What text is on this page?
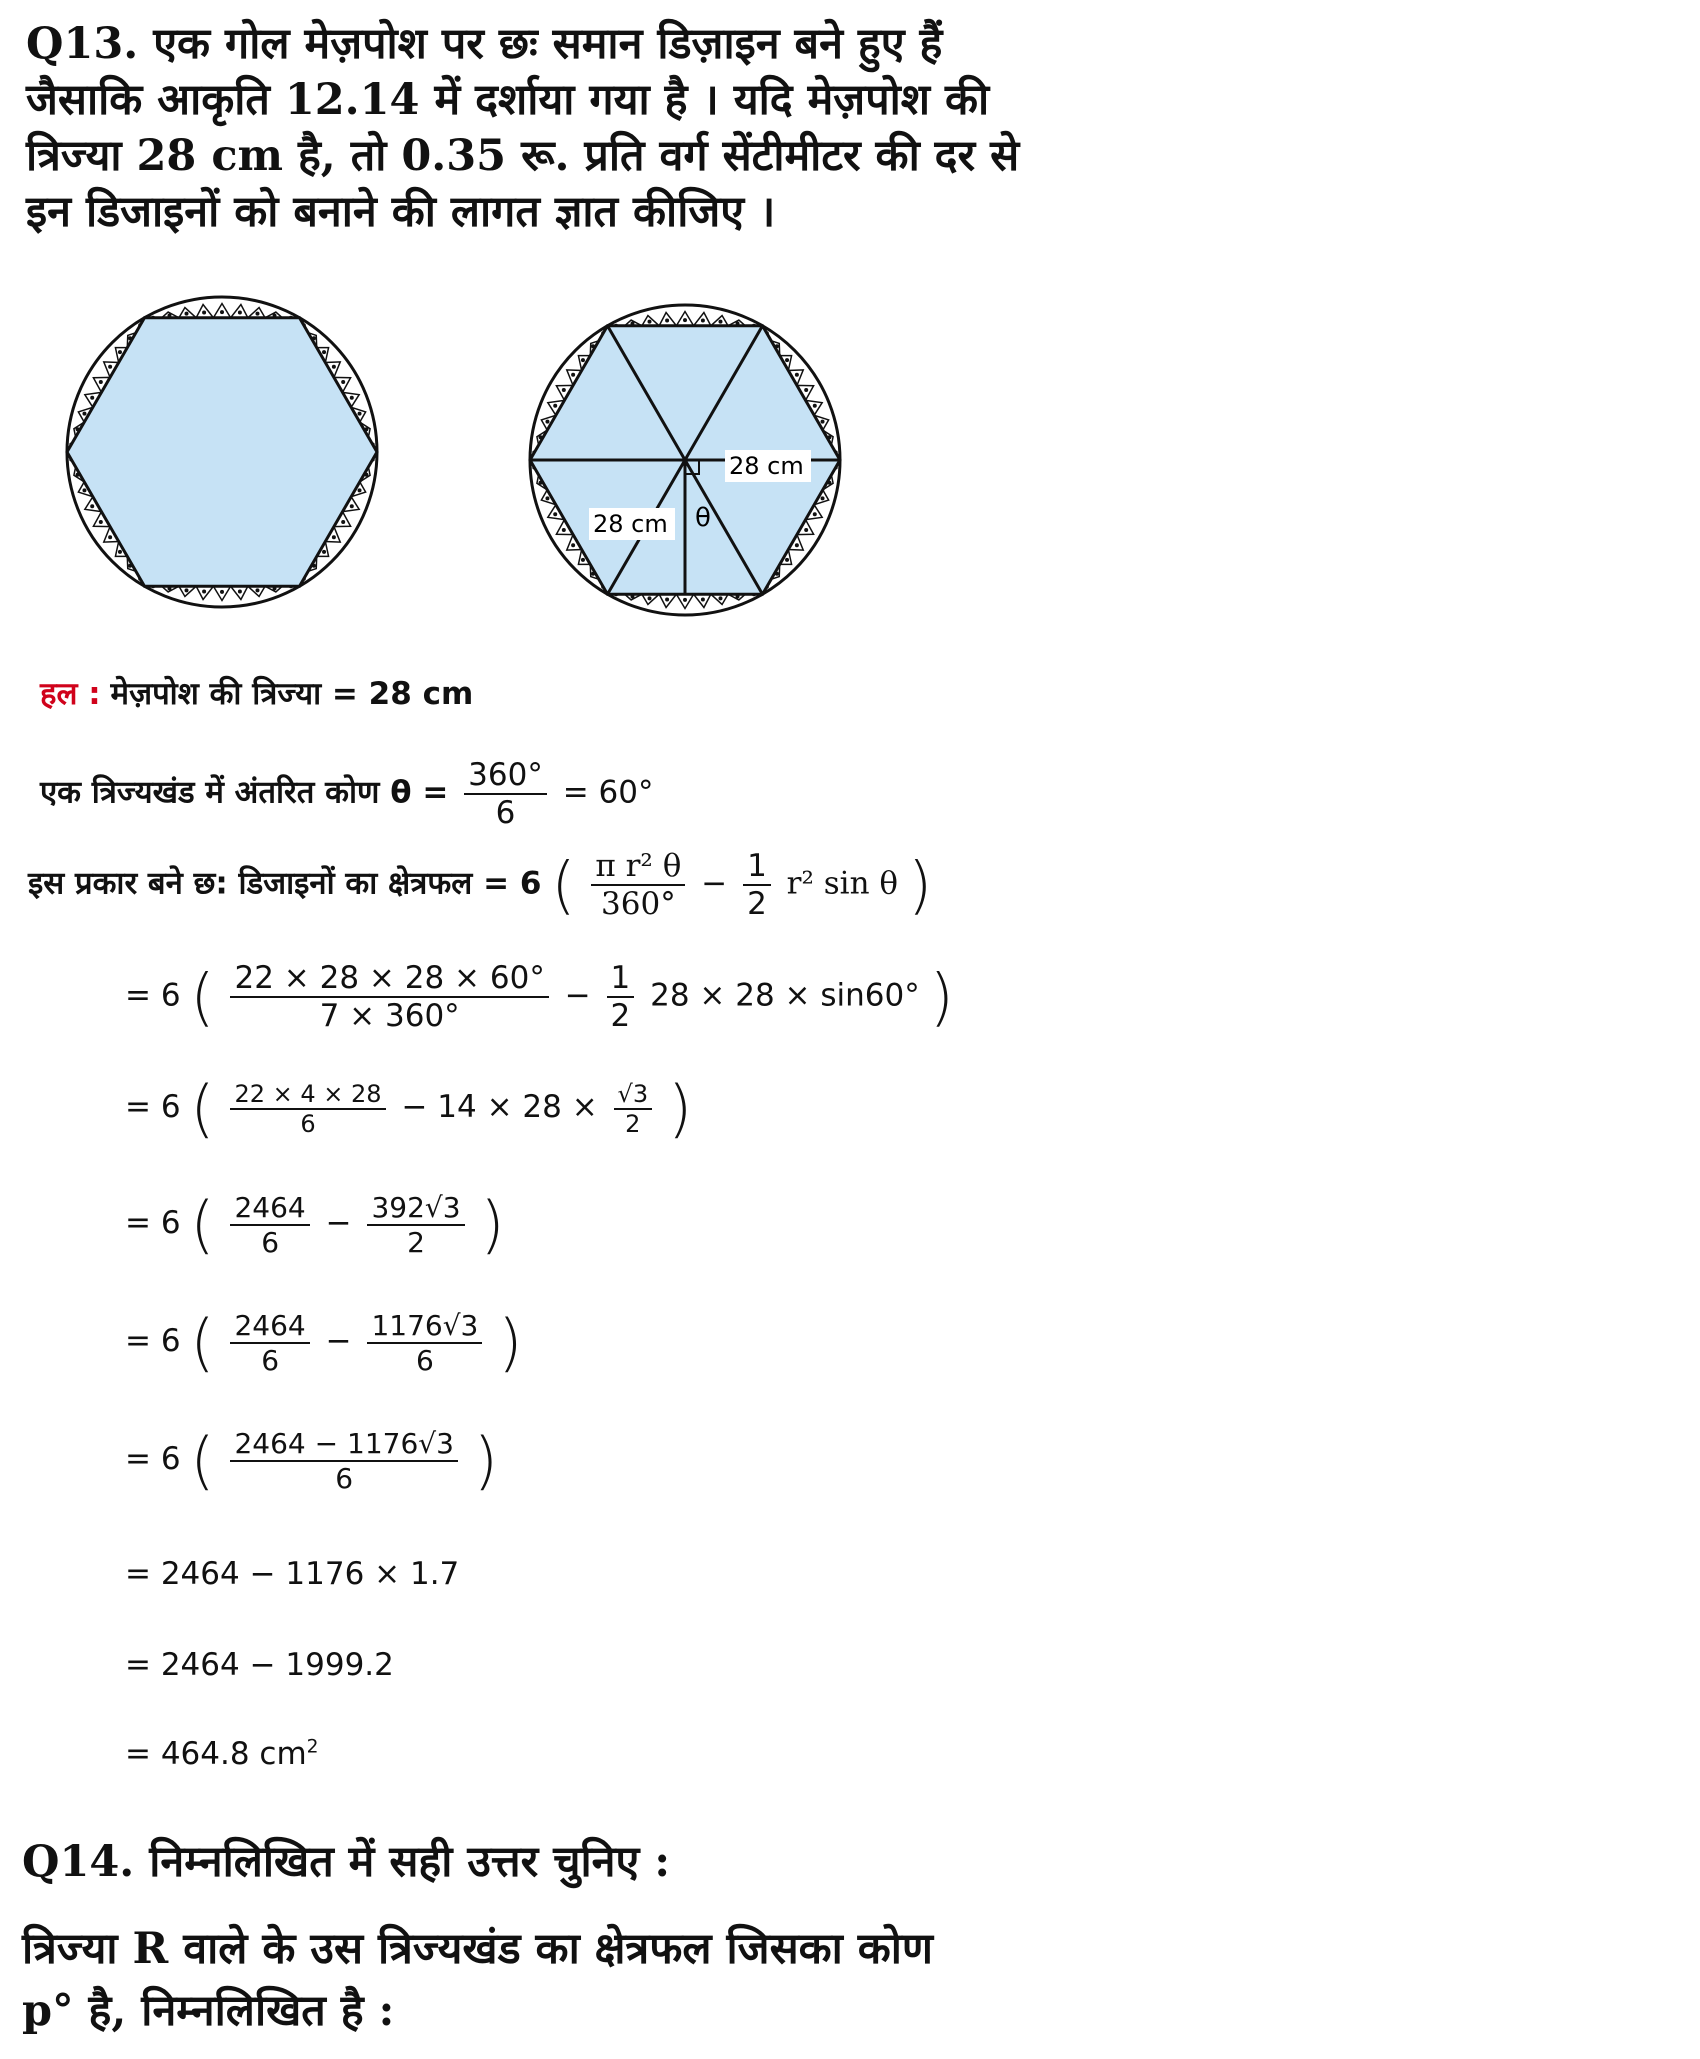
Q13. एक गोल मेज़पोश पर छः समान डिज़ाइन बने हुए हैं
जैसाकि आकृति 12.14 में दर्शाया गया है । यदि मेज़पोश की
त्रिज्या 28 cm है, तो 0.35 रू. प्रति वर्ग सेंटीमीटर की दर से
इन डिजाइनों को बनाने की लागत ज्ञात कीजिए ।
28 cm
28 cm θ
हल : मेज़पोश की त्रिज्या = 28 cm
एक त्रिज्यखंड में अंतरित कोण $\theta = \frac{360^\circ}{6} = 60^\circ$
इस प्रकार बने छ: डिजाइनों का क्षेत्रफल = 6 ( $\frac{\text{π r² θ}}{360^\circ} - \frac{1}{2} r^2$ sin θ )
= 6 ( $\frac{22 \times 28 \times 28 \times 60^\circ}{7 \times 360^\circ} - \frac{1}{2} 28 \times 28 \times \sin 60^\circ$ )
= 6 ( $\frac{22 \times 4 \times 28}{6} - 14 \times 28 \times \frac{√3}{2}$ )
= 6 ( $\frac{2464}{6} - \frac{392√3}{2}$ )
= 6 ( $\frac{2464}{6} - \frac{1176√3}{6}$ )
= 6 ( $\frac{2464 - 1176√3}{6}$ )
= 2464 − 1176 × 1.7
= 2464 − 1999.2
= 464.8 $cm^2$
Q14. निम्नलिखित में सही उत्तर चुनिए :
त्रिज्या R वाले के उस त्रिज्यखंड का क्षेत्रफल जिसका कोण
p° है, निम्नलिखित है :
